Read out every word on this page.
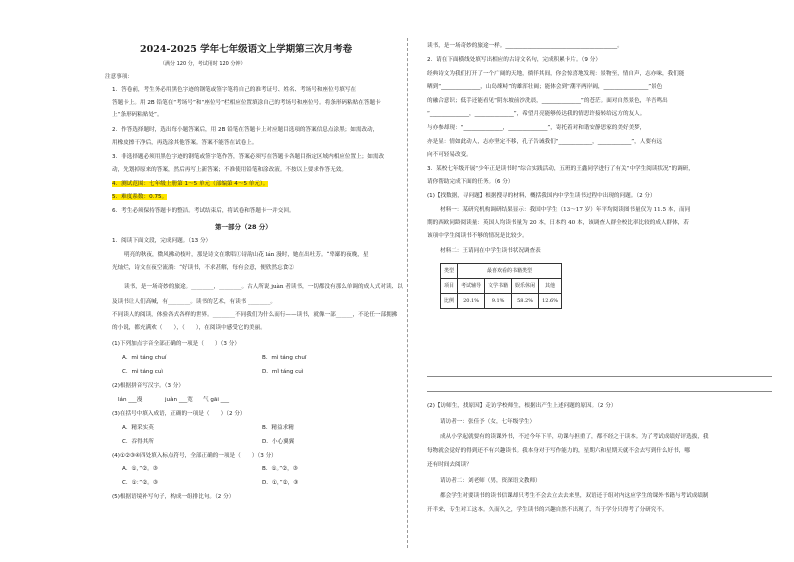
2024-2025 学年七年级语文上学期第三次月考卷
（满分 120 分，考试用时 120 分钟）
注意事项：
1．答卷前，考生务必用黑色字迹的钢笔或签字笔将自己的准考证号、姓名、考场号和座位号填写在
答题卡上。用 2B 铅笔在“考场号”和“座位号”栏相应位置填涂自己的考场号和座位号。将条形码粘贴在答题卡
上“条形码粘贴处”。
2．作答选择题时，选出每小题答案后，用 2B 铅笔在答题卡上对应题目选项的答案信息点涂黑；如需改动，
用橡皮擦干净后，再选涂其他答案。答案不能答在试卷上。
3．非选择题必须用黑色字迹的钢笔或签字笔作答，答案必须写在答题卡各题目指定区域内相应位置上；如需改
动，先划掉原来的答案，然后再写上新答案；不准使用铅笔和涂改液。不按以上要求作答无效。
4．测试范围：七年级上册第 1～5 单元（部编第 4～5 单元）。
5．难度系数：0.75。
6．考生必须保持答题卡的整洁。考试结束后，将试卷和答题卡一并交回。
第一部分（28 分）
1．阅读下面文段，完成问题。（13 分）
明亮的秋夜，微风拂动枝叶，那是诗文在歌唱①诗韵山花 lán 漫时，她在出吐芳。“卑鄙的夜晚，星
光灿烂，诗文在夜空流淌：“好读书，不求甚解，每有会意，便欣然忘食②
读书，是一场奇妙的旅途。________，________。古人所说 juàn 者读书，一切都没有那么单调的成人式对读、以
及读书让人们高喊，有________。读书的艺术，有读书 ________。
不同读人的阅读，体验各式各样的世界。________不同我们为什么而行——读书，就像一部______，不论任一部拥拂
的小说，都充满欢（　　），（　　），在阅读中感受它的美丽。
(1)下列加点字音全部正确的一项是（　　）（3 分）
A．mì táng chuí	B．mì táng chuī
C．mì táng cuì	D．mǐ táng cuì
(2)根据拼音写汉字。（3 分）
lán ___漫	juàn ___宽 气 gāi ___
(3)在括号中填入成语，正确的一项是（　　）（2 分）
A．精采实英	B．精益求精
C．吞得其所	D．小心翼翼
(4)①②③④四处填入标点符号，全部正确的一项是（　　）（3 分）
A．①，”②。③	B．①。”②，③
C．①：”②。③	D．①，”②，③
(5)根据语境补写句子，构成一组排比句。（2 分）
读书，是一场奇妙的旅途一样。________________________________________。
2．请在下面横线处填写出相应的古诗文名句，完成积累卡片。（9 分）
经典诗文为我们打开了一个广阔的天地，徜徉其间，你会惊喜地发现：景物至，情自声，志亦味，我们能
晒到“______________，山岛竦峙”的雄浑壮阔；能体会到“潮平两岸阔，________________”景色
的融合意识；低手还能看见“阴东坡前沙洗晨，______________”的苍茫。面对自然景色，羊吾鸣出
“______________，______________”，希望月亮能够传达我的情思许接转给远方的友人。
与亦参却现：“______________，______________”，寄托着对和谐安静思家的美好美梦，
亦是显：情如此动人，志亦坚定不移，孔子告诫我们“____________，____________”，人要有远
向不可轻易改变。
3．某校七年级开展“少年正是读书时”综合实践活动，五班的王鑫同学进行了有关“中学生阅读状况”的调研，
请你帮助完成下面的任务。（6 分）
(1)【找数据，寻问题】根据搜寻的材料，概括我国内中学生读书过程中出现的问题。（2 分）
材料一：某研究机构调研结果显示：我国中学生（13～17 岁）年平均阅读图书量仅为 11.5 本，而同
期的西欧同龄阅读量：英国人均读书量为 20 本，日本约 40 本，该调查人群全校比率比较的成人群体，若
该项中学生阅读书不够的情况是比较少。
材料二：王请同在中学生读书状况调查表
类型	最喜欢看的书籍类型			
项目	考试辅导	文学书籍	娱乐休闲	其他
比例	20.1%	9.1%	58.2%	12.6%
(2)【访师生，找原因】走访学校师生，根据出产生上述问题的原因。（2 分）
请访者一：张佳予（女，七年级学生）
成从小学起就要有的读课外书，不过今年下半，功课与担重了，都不经之于读本。为了考试成绩好评选拔，我
每物就会觉好的得到还不有兴趣读书。我本身对于写作能力的，星期六和星期天就不会去写到什么好书，哪
还有时间去阅读？
请访者二：刘老师（男，资深语文教师）
都会学生对要读书的读书信课却只考生不会去立去去来里，双语还于组对内这应学生的课外书籍与考试成绩制
开半来，专生对工这本。久而久之，学生读书的兴趣自然不出现了，当于学分只得考了分研究不。
